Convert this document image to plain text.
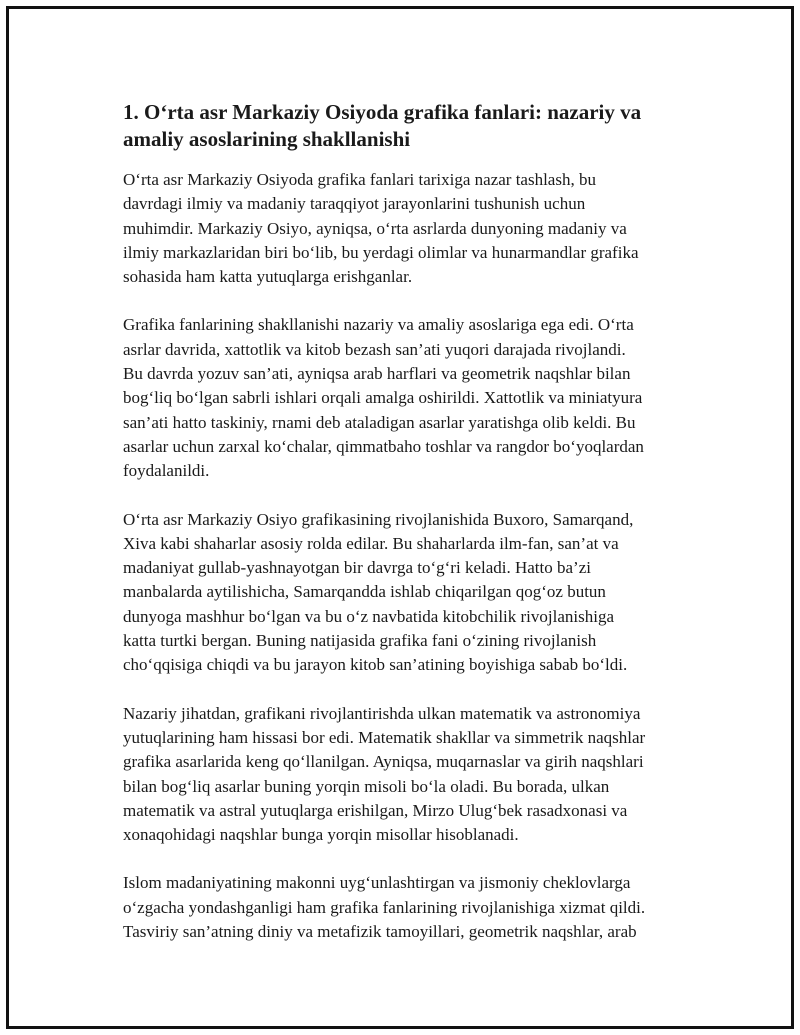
1. O‘rta asr Markaziy Osiyoda grafika fanlari: nazariy va
amaliy asoslarining shakllanishi

O‘rta asr Markaziy Osiyoda grafika fanlari tarixiga nazar tashlash, bu
davrdagi ilmiy va madaniy taraqqiyot jarayonlarini tushunish uchun
muhimdir. Markaziy Osiyo, ayniqsa, o‘rta asrlarda dunyoning madaniy va
ilmiy markazlaridan biri bo‘lib, bu yerdagi olimlar va hunarmandlar grafika
sohasida ham katta yutuqlarga erishganlar.

Grafika fanlarining shakllanishi nazariy va amaliy asoslariga ega edi. O‘rta
asrlar davrida, xattotlik va kitob bezash san’ati yuqori darajada rivojlandi.
Bu davrda yozuv san’ati, ayniqsa arab harflari va geometrik naqshlar bilan
bog‘liq bo‘lgan sabrli ishlari orqali amalga oshirildi. Xattotlik va miniatyura
san’ati hatto taskiniy, rnami deb ataladigan asarlar yaratishga olib keldi. Bu
asarlar uchun zarxal ko‘chalar, qimmatbaho toshlar va rangdor bo‘yoqlardan
foydalanildi.

O‘rta asr Markaziy Osiyo grafikasining rivojlanishida Buxoro, Samarqand,
Xiva kabi shaharlar asosiy rolda edilar. Bu shaharlarda ilm-fan, san’at va
madaniyat gullab-yashnayotgan bir davrga to‘g‘ri keladi. Hatto ba’zi
manbalarda aytilishicha, Samarqandda ishlab chiqarilgan qog‘oz butun
dunyoga mashhur bo‘lgan va bu o‘z navbatida kitobchilik rivojlanishiga
katta turtki bergan. Buning natijasida grafika fani o‘zining rivojlanish
cho‘qqisiga chiqdi va bu jarayon kitob san’atining boyishiga sabab bo‘ldi.

Nazariy jihatdan, grafikani rivojlantirishda ulkan matematik va astronomiya
yutuqlarining ham hissasi bor edi. Matematik shakllar va simmetrik naqshlar
grafika asarlarida keng qo‘llanilgan. Ayniqsa, muqarnaslar va girih naqshlari
bilan bog‘liq asarlar buning yorqin misoli bo‘la oladi. Bu borada, ulkan
matematik va astral yutuqlarga erishilgan, Mirzo Ulug‘bek rasadxonasi va
xonaqohidagi naqshlar bunga yorqin misollar hisoblanadi.

Islom madaniyatining makonni uyg‘unlashtirgan va jismoniy cheklovlarga
o‘zgacha yondashganligi ham grafika fanlarining rivojlanishiga xizmat qildi.
Tasviriy san’atning diniy va metafizik tamoyillari, geometrik naqshlar, arab
